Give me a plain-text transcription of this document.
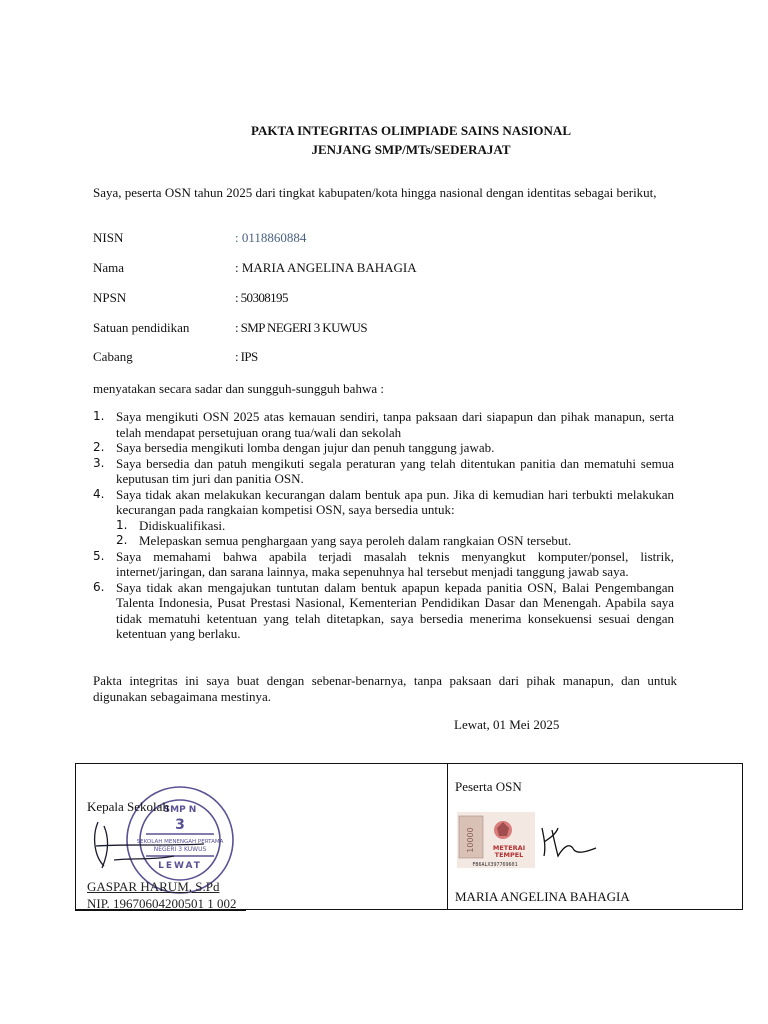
PAKTA INTEGRITAS OLIMPIADE SAINS NASIONAL
JENJANG SMP/MTs/SEDERAJAT
Saya, peserta OSN tahun 2025 dari tingkat kabupaten/kota hingga nasional dengan identitas sebagai berikut,
NISN	: 0118860884
Nama	: MARIA ANGELINA BAHAGIA
NPSN	: 50308195
Satuan pendidikan	: SMP NEGERI 3 KUWUS
Cabang	: IPS
menyatakan secara sadar dan sungguh-sungguh bahwa :
1. Saya mengikuti OSN 2025 atas kemauan sendiri, tanpa paksaan dari siapapun dan pihak manapun, serta telah mendapat persetujuan orang tua/wali dan sekolah
2. Saya bersedia mengikuti lomba dengan jujur dan penuh tanggung jawab.
3. Saya bersedia dan patuh mengikuti segala peraturan yang telah ditentukan panitia dan mematuhi semua keputusan tim juri dan panitia OSN.
4. Saya tidak akan melakukan kecurangan dalam bentuk apa pun. Jika di kemudian hari terbukti melakukan kecurangan pada rangkaian kompetisi OSN, saya bersedia untuk:
1. Didiskualifikasi.
2. Melepaskan semua penghargaan yang saya peroleh dalam rangkaian OSN tersebut.
5. Saya memahami bahwa apabila terjadi masalah teknis menyangkut komputer/ponsel, listrik, internet/jaringan, dan sarana lainnya, maka sepenuhnya hal tersebut menjadi tanggung jawab saya.
6. Saya tidak akan mengajukan tuntutan dalam bentuk apapun kepada panitia OSN, Balai Pengembangan Talenta Indonesia, Pusat Prestasi Nasional, Kementerian Pendidikan Dasar dan Menengah. Apabila saya tidak mematuhi ketentuan yang telah ditetapkan, saya bersedia menerima konsekuensi sesuai dengan ketentuan yang berlaku.
Pakta integritas ini saya buat dengan sebenar-benarnya, tanpa paksaan dari pihak manapun, dan untuk digunakan sebagaimana mestinya.
Lewat, 01 Mei 2025
SMP N
3
SEKOLAH MENENGAH PERTAMA
NEGERI 3 KUWUS
LEWAT
Kepala Sekolah
GASPAR HARUM, S.Pd
NIP. 19670604200501 1 002
Peserta OSN
10000	METERAI
TEMPEL
FB6ALX397769601
MARIA ANGELINA BAHAGIA
